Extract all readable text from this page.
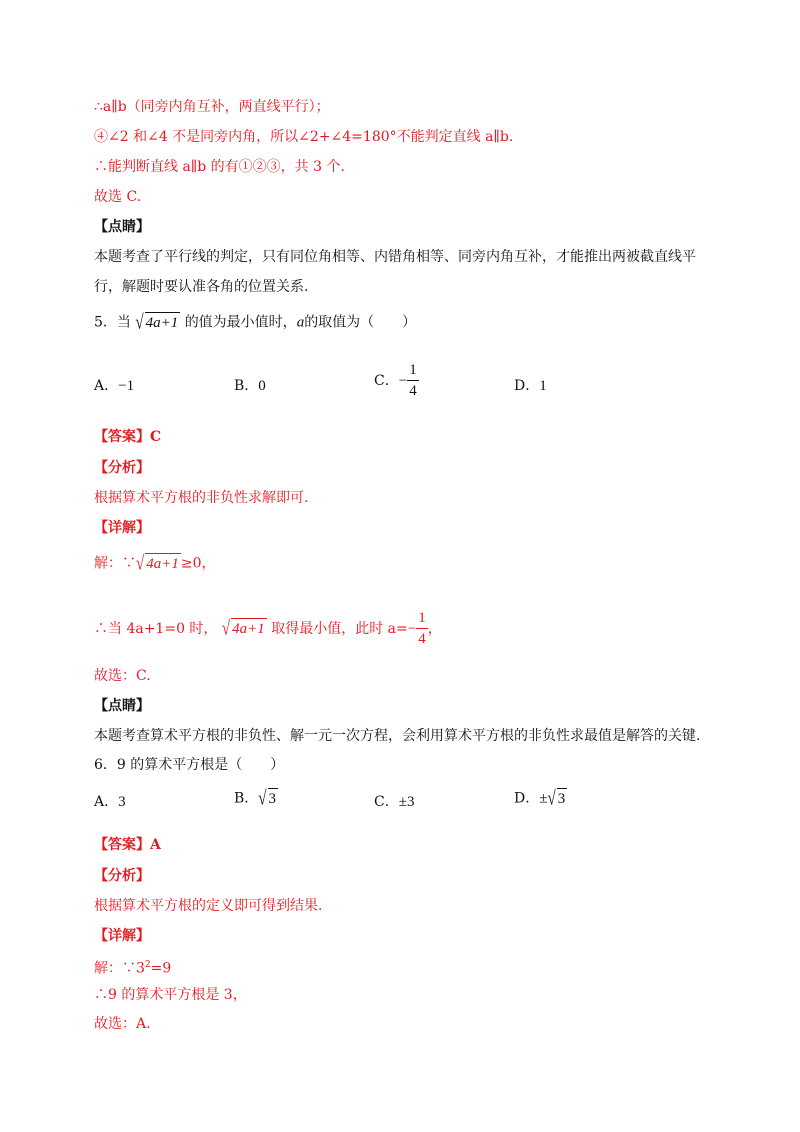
∴a∥b（同旁内角互补，两直线平行）；
④∠2 和∠4 不是同旁内角，所以∠2+∠4=180°不能判定直线 a∥b.
∴能判断直线 a∥b 的有①②③，共 3 个.
故选 C.
【点睛】
本题考查了平行线的判定，只有同位角相等、内错角相等、同旁内角互补，才能推出两被截直线平
行，解题时要认准各角的位置关系.
5．当 √ 4a+1 的值为最小值时，a的取值为（　　）
A．−1	B．0	C．− $\frac{1}{4}$	D．1
【答案】C
【分析】
根据算术平方根的非负性求解即可.
【详解】
解：∵√ 4a+1 ≥0，
∴当 4a+1=0 时， √ 4a+1 取得最小值，此时 $a=- \frac{1}{4}$ ，
故选：C.
【点睛】
本题考查算术平方根的非负性、解一元一次方程，会利用算术平方根的非负性求最值是解答的关键.
6．9 的算术平方根是（　　）
A．3	B．√ 3	C．±3	D．±√ 3
【答案】A
【分析】
根据算术平方根的定义即可得到结果.
【详解】
解：$\because 3^2=9$
∴9 的算术平方根是 3，
故选：A.
